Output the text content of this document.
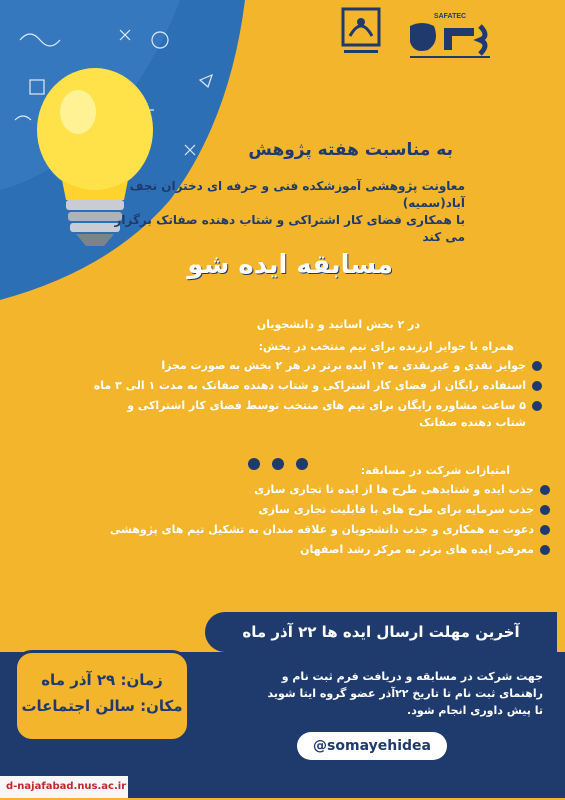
SAFATEC
به مناسبت هفته پژوهش
معاونت پژوهشی آموزشکده فنی و حرفه ای دختران نجف آباد(سمیه)
با همکاری فضای کار اشتراکی و شتاب دهنده صفاتک برگزار می کند
مسابقه ایده شو
در ۲ بخش اساتید و دانشجویان
همراه با جوایز ارزنده برای تیم منتخب در بخش:
جوایز نقدی و غیرنقدی به ۱۲ ایده برتر در هر ۲ بخش به صورت مجزا
استفاده رایگان از فضای کار اشتراکی و شتاب دهنده صفاتک به مدت ۱ الی ۳ ماه
۵ ساعت مشاوره رایگان برای تیم های منتخب توسط فضای کار اشتراکی و شتاب دهنده صفاتک
امتیازات شرکت در مسابقه:
جذب ایده و شتابدهی طرح ها از ایده تا تجاری سازی
جذب سرمایه برای طرح های با قابلیت تجاری سازی
دعوت به همکاری و جذب دانشجویان و علاقه مندان به تشکیل تیم های پژوهشی
معرفی ایده های برتر به مرکز رشد اصفهان
آخرین مهلت ارسال ایده ها ۲۲ آذر ماه
زمان: ۲۹ آذر ماه
مکان: سالن اجتماعات
جهت شرکت در مسابقه و دریافت فرم ثبت نام و
راهنمای ثبت نام تا تاریخ ۲۲آذر عضو گروه ایتا شوید
تا پیش داوری انجام شود.
@somayehidea
d-najafabad.nus.ac.ir
